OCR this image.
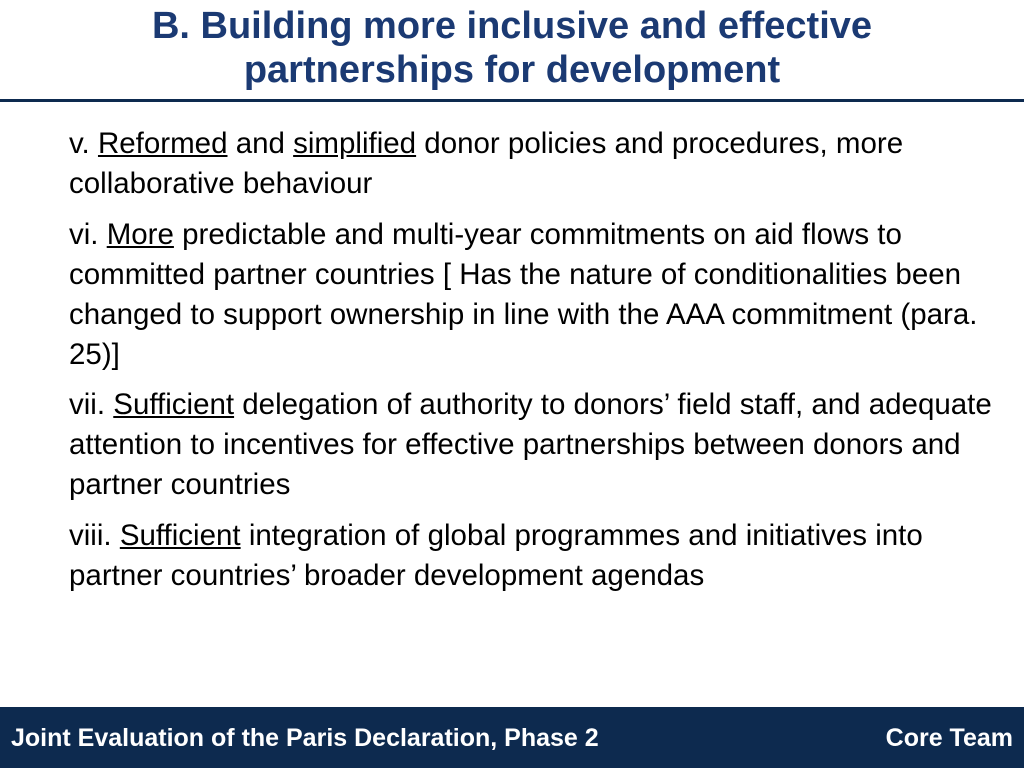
B. Building more inclusive and effective
partnerships for development
v. Reformed and simplified donor policies and procedures, more collaborative behaviour
vi. More predictable and multi-year commitments on aid flows to committed partner countries [ Has the nature of conditionalities been changed to support ownership in line with the AAA commitment (para. 25)]
vii. Sufficient delegation of authority to donors’ field staff, and adequate attention to incentives for effective partnerships between donors and partner countries
viii. Sufficient integration of global programmes and initiatives into partner countries’ broader development agendas
Joint Evaluation of the Paris Declaration, Phase 2	Core Team
